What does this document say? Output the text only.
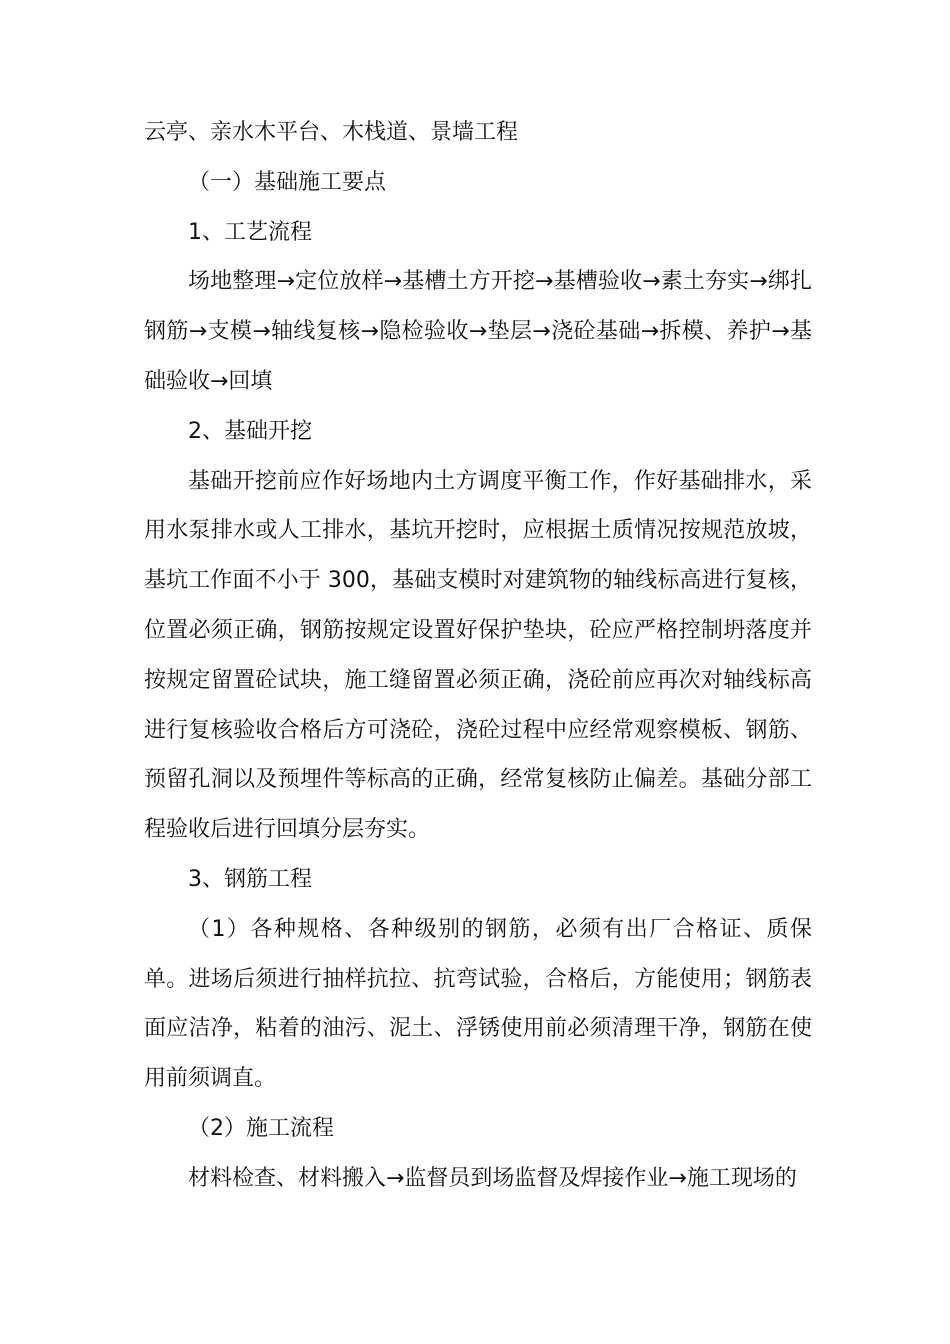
云亭、亲水木平台、木栈道、景墙工程

（一）基础施工要点

1、工艺流程

场地整理→定位放样→基槽土方开挖→基槽验收→素土夯实→绑扎钢筋→支模→轴线复核→隐检验收→垫层→浇砼基础→拆模、养护→基础验收→回填

2、基础开挖

基础开挖前应作好场地内土方调度平衡工作，作好基础排水，采用水泵排水或人工排水，基坑开挖时，应根据土质情况按规范放坡，基坑工作面不小于 300，基础支模时对建筑物的轴线标高进行复核，位置必须正确，钢筋按规定设置好保护垫块，砼应严格控制坍落度并按规定留置砼试块，施工缝留置必须正确，浇砼前应再次对轴线标高进行复核验收合格后方可浇砼，浇砼过程中应经常观察模板、钢筋、预留孔洞以及预埋件等标高的正确，经常复核防止偏差。基础分部工程验收后进行回填分层夯实。

3、钢筋工程

（1）各种规格、各种级别的钢筋，必须有出厂合格证、质保单。进场后须进行抽样抗拉、抗弯试验，合格后，方能使用；钢筋表面应洁净，粘着的油污、泥土、浮锈使用前必须清理干净，钢筋在使用前须调直。

（2）施工流程

材料检查、材料搬入→监督员到场监督及焊接作业→施工现场的
